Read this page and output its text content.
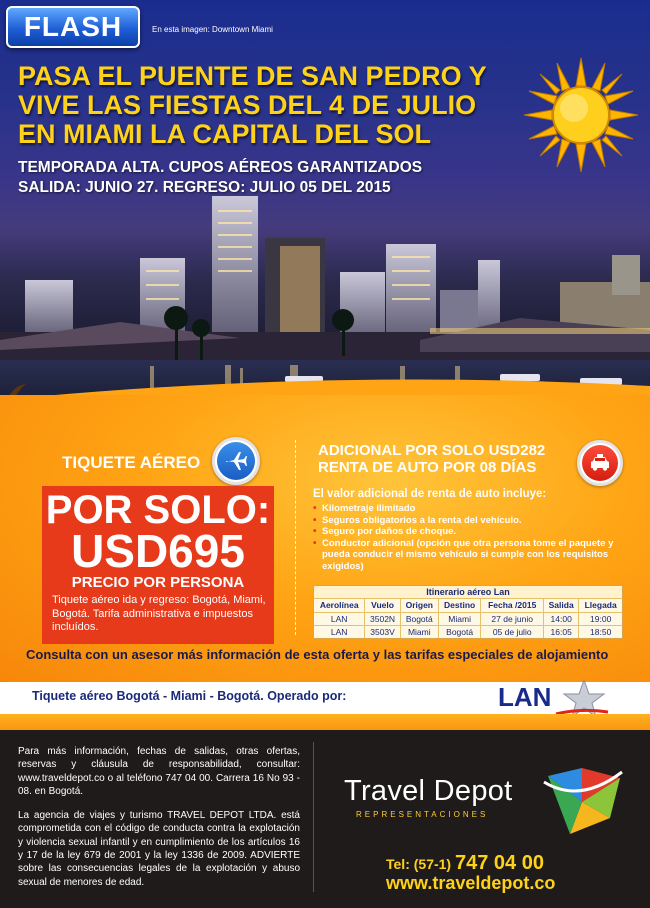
FLASH	En esta imagen: Downtown Miami
PASA EL PUENTE DE SAN PEDRO Y
VIVE LAS FIESTAS DEL 4 DE JULIO
EN MIAMI LA CAPITAL DEL SOL
TEMPORADA ALTA. CUPOS AÉREOS GARANTIZADOS
SALIDA: JUNIO 27. REGRESO: JULIO 05 DEL 2015
TIQUETE AÉREO
POR SOLO:
USD695
PRECIO POR PERSONA
Tiquete aéreo ida y regreso: Bogotá, Miami, Bogotá. Tarifa administrativa e impuestos incluídos.
ADICIONAL POR SOLO USD282
RENTA DE AUTO POR 08 DÍAS
El valor adicional de renta de auto incluye:
• Kilometraje ilimitado
• Seguros obligatorios a la renta del vehículo.
• Seguro por daños de choque.
• Conductor adicional (opción que otra persona tome el paquete y pueda conducir el mismo vehículo si cumple con los requisitos exigidos)
Itinerario aéreo Lan
Aerolínea	Vuelo	Origen	Destino	Fecha /2015	Salida	Llegada
LAN	3502N	Bogotá	Miami	27 de junio	14:00	19:00
LAN	3503V	Miami	Bogotá	05 de julio	16:05	18:50
Consulta con un asesor más información de esta oferta y las tarifas especiales de alojamiento
Tiquete aéreo Bogotá - Miami - Bogotá. Operado por:	LAN

Para más información, fechas de salidas, otras ofertas, reservas y cláusula de responsabilidad, consultar: www.traveldepot.co o al teléfono 747 04 00. Carrera 16 No 93 - 08. en Bogotá.

La agencia de viajes y turismo TRAVEL DEPOT LTDA. está comprometida con el código de conducta contra la explotación y violencia sexual infantil y en cumplimiento de los artículos 16 y 17 de la ley 679 de 2001 y la ley 1336 de 2009. ADVIERTE sobre las consecuencias legales de la explotación y abuso sexual de menores de edad.

Travel Depot
REPRESENTACIONES
Tel: (57-1) 747 04 00
www.traveldepot.co
